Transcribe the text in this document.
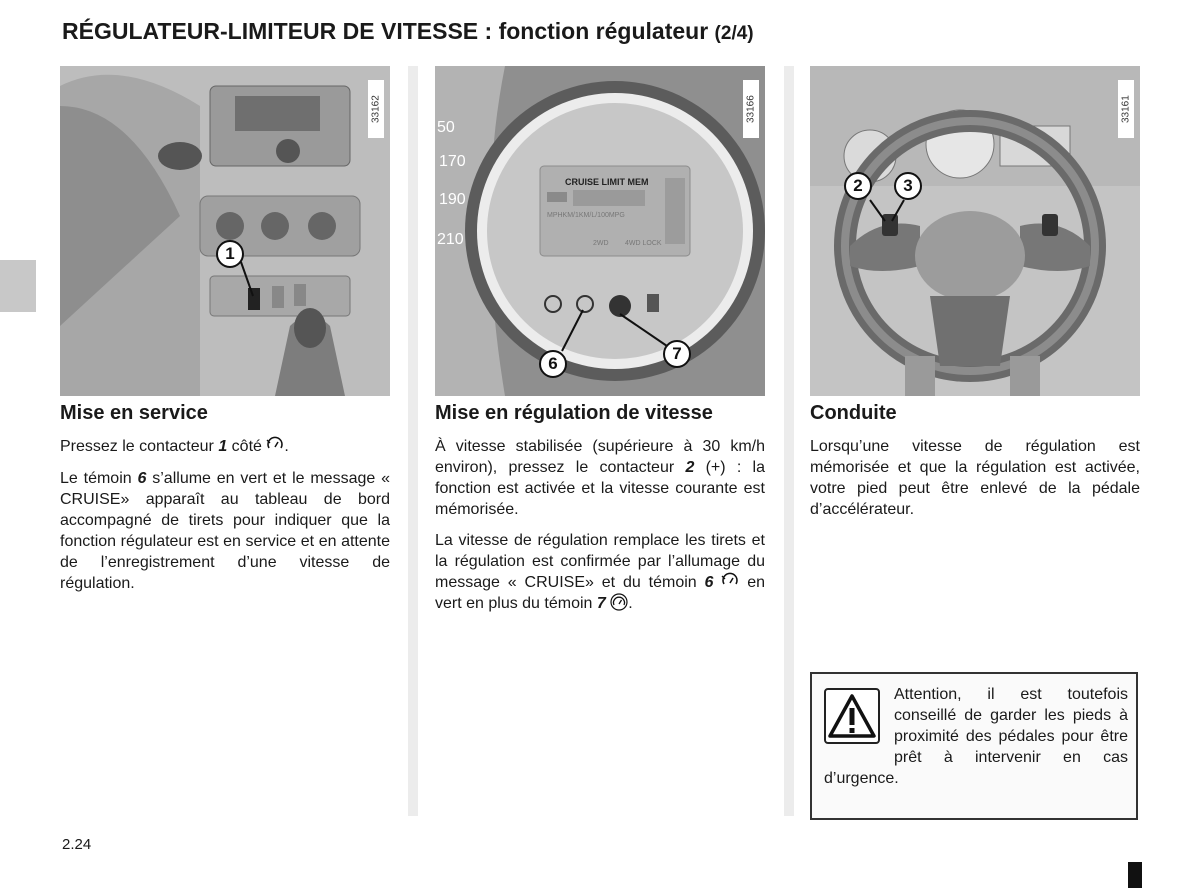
RÉGULATEUR-LIMITEUR DE VITESSE : fonction régulateur (2/4)
33162
1
CRUISE LIMIT MEM
MPHKM/1KM/L/100MPG
2WD 4WD LOCK
50
170
190
210
33166
6
7
33161
2	3
Mise en service

Pressez le contacteur 1 côté .

Le témoin 6 s’allume en vert et le message « CRUISE» apparaît au tableau de bord accompagné de tirets pour indiquer que la fonction régulateur est en service et en attente de l’enregistrement d’une vitesse de régulation.

Mise en régulation de vitesse

À vitesse stabilisée (supérieure à 30 km/h environ), pressez le contacteur 2 (+) : la fonction est activée et la vitesse courante est mémorisée.

La vitesse de régulation remplace les tirets et la régulation est confirmée par l’allumage du message « CRUISE» et du témoin 6 en vert en plus du témoin 7 .

Conduite

Lorsqu’une vitesse de régulation est mémorisée et que la régulation est activée, votre pied peut être enlevé de la pédale d’accélérateur.

Attention, il est toutefois conseillé de garder les pieds à proximité des pédales pour être prêt à intervenir en cas d’urgence.

2.24
